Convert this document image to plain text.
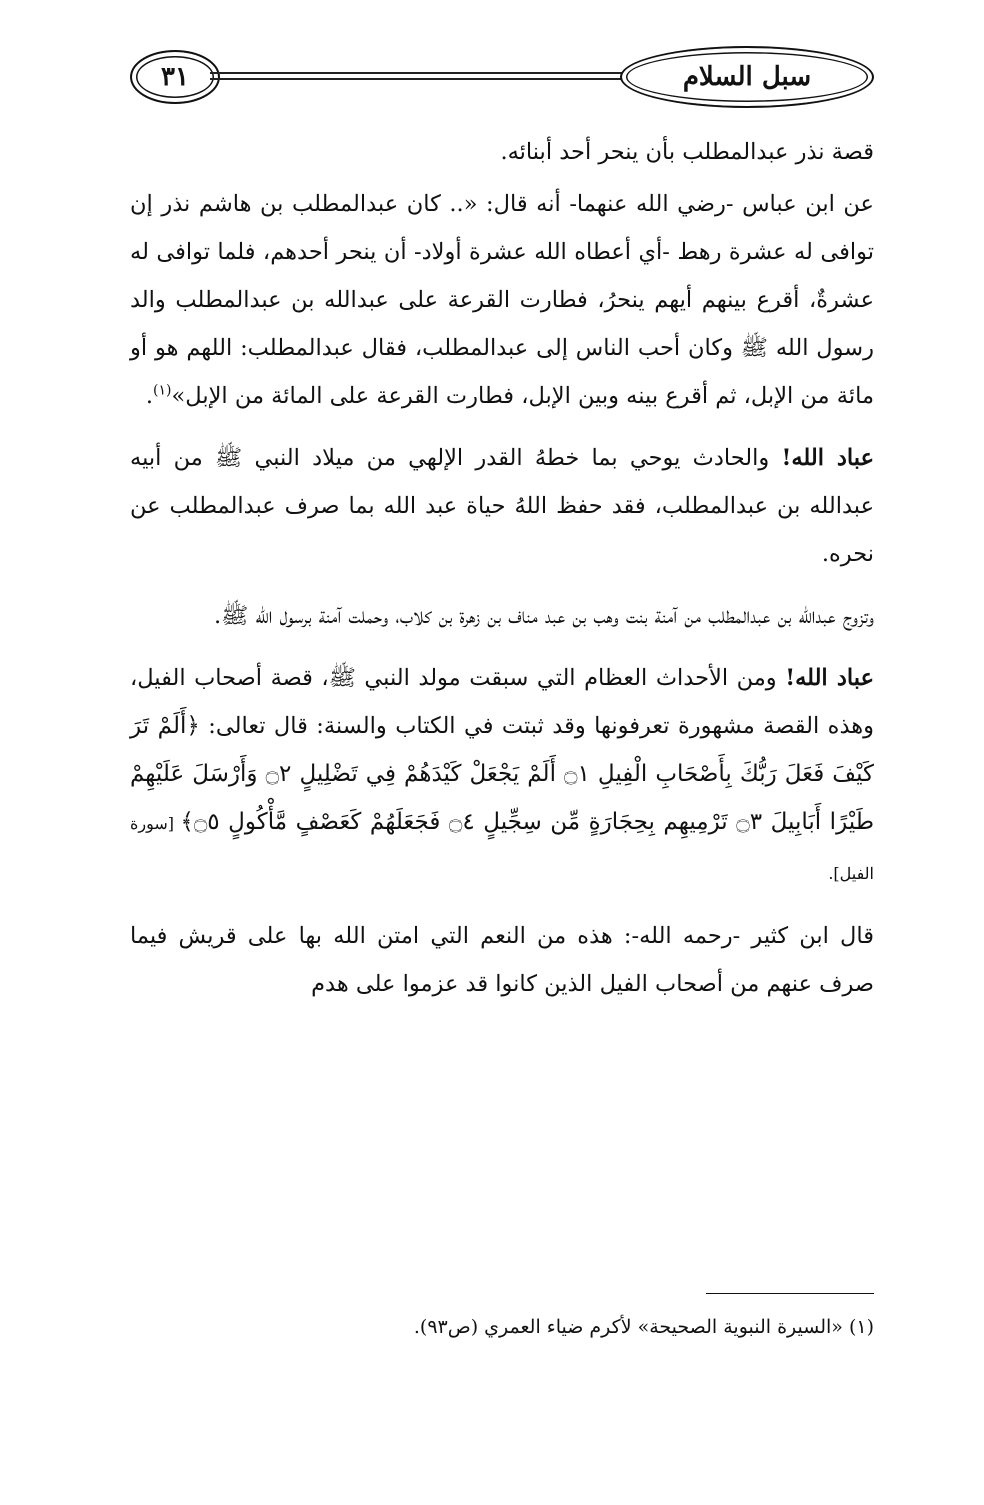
٣١	سبل السلام

قصة نذر عبدالمطلب بأن ينحر أحد أبنائه.

عن ابن عباس -رضي الله عنهما- أنه قال: «.. كان عبدالمطلب بن هاشم نذر إن توافى له عشرة رهط -أي أعطاه الله عشرة أولاد- أن ينحر أحدهم، فلما توافى له عشرةٌ، أقرع بينهم أيهم ينحرُ، فطارت القرعة على عبدالله بن عبدالمطلب والد رسول الله ﷺ وكان أحب الناس إلى عبدالمطلب، فقال عبدالمطلب: اللهم هو أو مائة من الإبل، ثم أقرع بينه وبين الإبل، فطارت القرعة على المائة من الإبل»$^{(١)}$.

عباد الله! والحادث يوحي بما خطهُ القدر الإلهي من ميلاد النبي ﷺ من أبيه عبدالله بن عبدالمطلب، فقد حفظ اللهُ حياة عبد الله بما صرف عبدالمطلب عن نحره.

وتزوج عبدالله بن عبدالمطلب من آمنة بنت وهب بن عبد مناف بن زهرة بن كلاب، وحملت آمنة برسول الله ﷺ.

عباد الله! ومن الأحداث العظام التي سبقت مولد النبي ﷺ، قصة أصحاب الفيل، وهذه القصة مشهورة تعرفونها وقد ثبتت في الكتاب والسنة: قال تعالى: ﴿أَلَمْ تَرَ كَيْفَ فَعَلَ رَبُّكَ بِأَصْحَابِ الْفِيلِ ۝١ أَلَمْ يَجْعَلْ كَيْدَهُمْ فِي تَضْلِيلٍ ۝٢ وَأَرْسَلَ عَلَيْهِمْ طَيْرًا أَبَابِيلَ ۝٣ تَرْمِيهِم بِحِجَارَةٍ مِّن سِجِّيلٍ ۝٤ فَجَعَلَهُمْ كَعَصْفٍ مَّأْكُولٍ ۝٥﴾ [سورة الفيل].

قال ابن كثير -رحمه الله-: هذه من النعم التي امتن الله بها على قريش فيما صرف عنهم من أصحاب الفيل الذين كانوا قد عزموا على هدم

(١) «السيرة النبوية الصحيحة» لأكرم ضياء العمري (ص٩٣).
